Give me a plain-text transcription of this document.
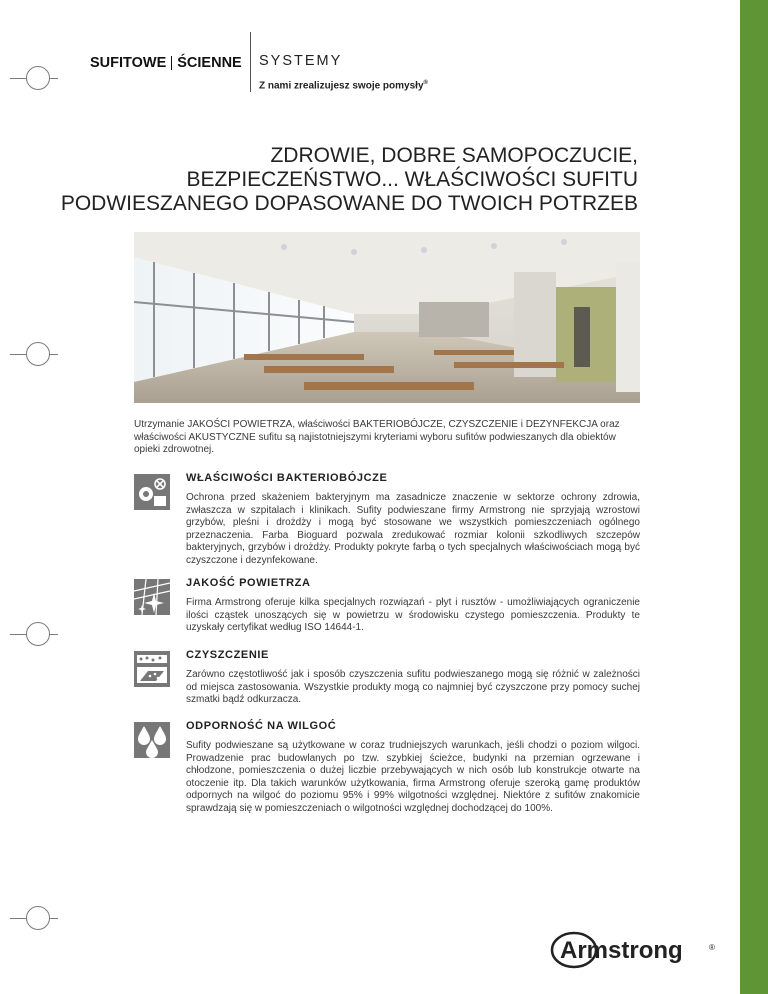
SUFITOWE ŚCIENNE SYSTEMY
Z nami zrealizujesz swoje pomysły®
ZDROWIE, DOBRE SAMOPOCZUCIE,
BEZPIECZEŃSTWO... WŁAŚCIWOŚCI SUFITU
PODWIESZANEGO DOPASOWANE DO TWOICH POTRZEB
Utrzymanie JAKOŚCI POWIETRZA, właściwości BAKTERIOBÓJCZE, CZYSZCZENIE i DEZYNFEKCJA oraz właściwości AKUSTYCZNE sufitu są najistotniejszymi kryteriami wyboru sufitów podwieszanych dla obiektów opieki zdrowotnej.
WŁAŚCIWOŚCI BAKTERIOBÓJCZE
Ochrona przed skażeniem bakteryjnym ma zasadnicze znaczenie w sektorze ochrony zdrowia, zwłaszcza w szpitalach i klinikach. Sufity podwieszane firmy Armstrong nie sprzyjają wzrostowi grzybów, pleśni i drożdży i mogą być stosowane we wszystkich pomieszczeniach ogólnego przeznaczenia. Farba Bioguard pozwala zredukować rozmiar kolonii szkodliwych szczepów bakteryjnych, grzybów i drożdży. Produkty pokryte farbą o tych specjalnych właściwościach mogą być czyszczone i dezynfekowane.
JAKOŚĆ POWIETRZA
Firma Armstrong oferuje kilka specjalnych rozwiązań - płyt i rusztów - umożliwiających ograniczenie ilości cząstek unoszących się w powietrzu w środowisku czystego pomieszczenia. Produkty te uzyskały certyfikat według ISO 14644-1.
CZYSZCZENIE
Zarówno częstotliwość jak i sposób czyszczenia sufitu podwieszanego mogą się różnić w zależności od miejsca zastosowania. Wszystkie produkty mogą co najmniej być czyszczone przy pomocy suchej szmatki bądź odkurzacza.
ODPORNOŚĆ NA WILGOĆ
Sufity podwieszane są użytkowane w coraz trudniejszych warunkach, jeśli chodzi o poziom wilgoci. Prowadzenie prac budowlanych po tzw. szybkiej ścieżce, budynki na przemian ogrzewane i chłodzone, pomieszczenia o dużej liczbie przebywających w nich osób lub konstrukcje otwarte na otoczenie itp. Dla takich warunków użytkowania, firma Armstrong oferuje szeroką gamę produktów odpornych na wilgoć do poziomu 95% i 99% wilgotności względnej. Niektóre z sufitów znakomicie sprawdzają się w pomieszczeniach o wilgotności względnej dochodzącej do 100%.
Armstrong	®
